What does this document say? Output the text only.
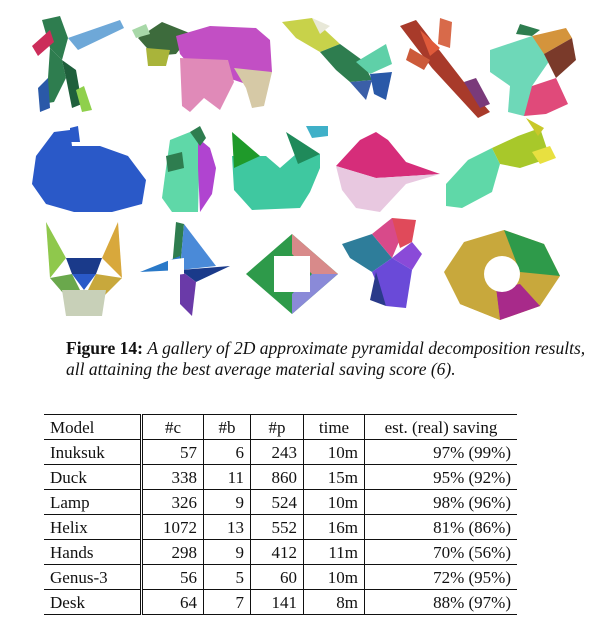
Figure 14: A gallery of 2D approximate pyramidal decomposition results, all attaining the best average material saving score (6).
Model	#c	#b	#p	time	est. (real) saving
Inuksuk	57	6	243	10m	97% (99%)
Duck	338	11	860	15m	95% (92%)
Lamp	326	9	524	10m	98% (96%)
Helix	1072	13	552	16m	81% (86%)
Hands	298	9	412	11m	70% (56%)
Genus-3	56	5	60	10m	72% (95%)
Desk	64	7	141	8m	88% (97%)
